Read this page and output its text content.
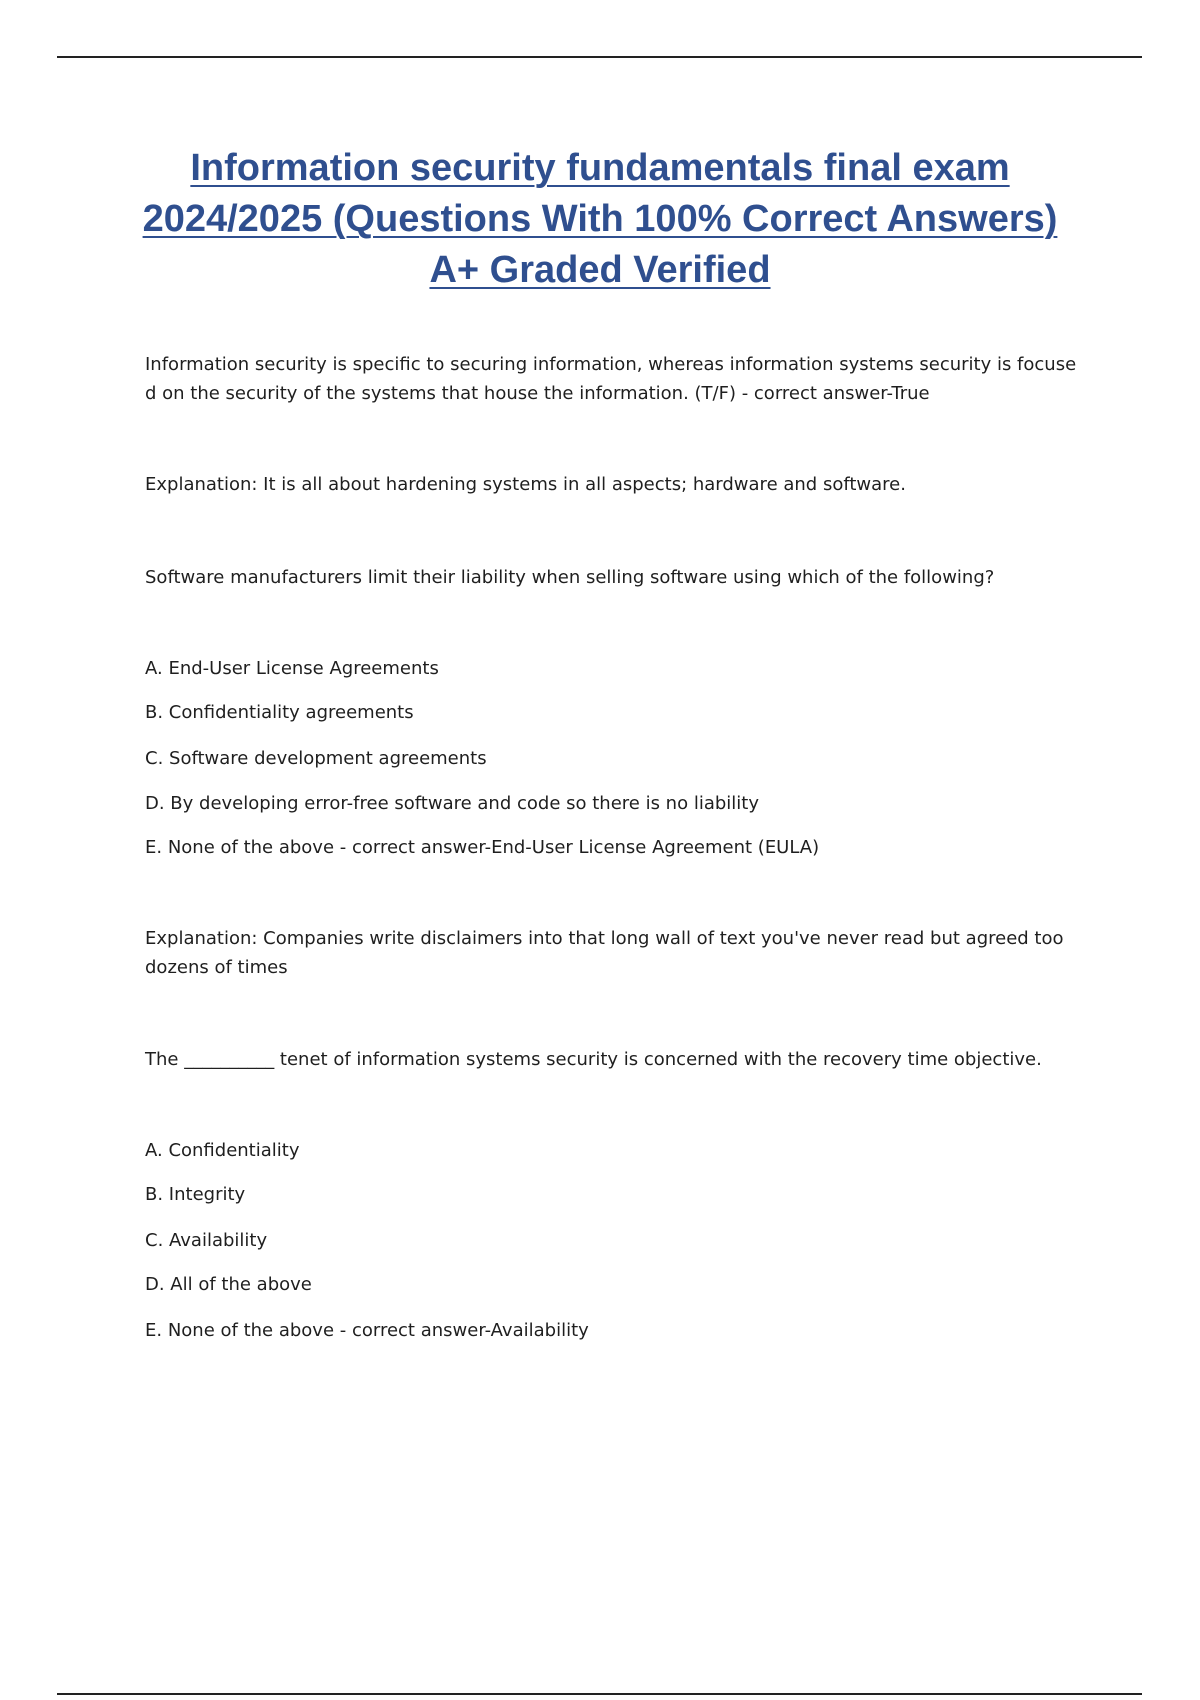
Information security fundamentals final exam 2024/2025 (Questions With 100% Correct Answers) A+ Graded Verified

Information security is specific to securing information, whereas information systems security is focuse d on the security of the systems that house the information. (T/F) - correct answer-True

Explanation: It is all about hardening systems in all aspects; hardware and software.

Software manufacturers limit their liability when selling software using which of the following?

A. End-User License Agreements

B. Confidentiality agreements

C. Software development agreements

D. By developing error-free software and code so there is no liability

E. None of the above - correct answer-End-User License Agreement (EULA)

Explanation: Companies write disclaimers into that long wall of text you've never read but agreed too dozens of times

The __________ tenet of information systems security is concerned with the recovery time objective.

A. Confidentiality

B. Integrity

C. Availability

D. All of the above

E. None of the above - correct answer-Availability
